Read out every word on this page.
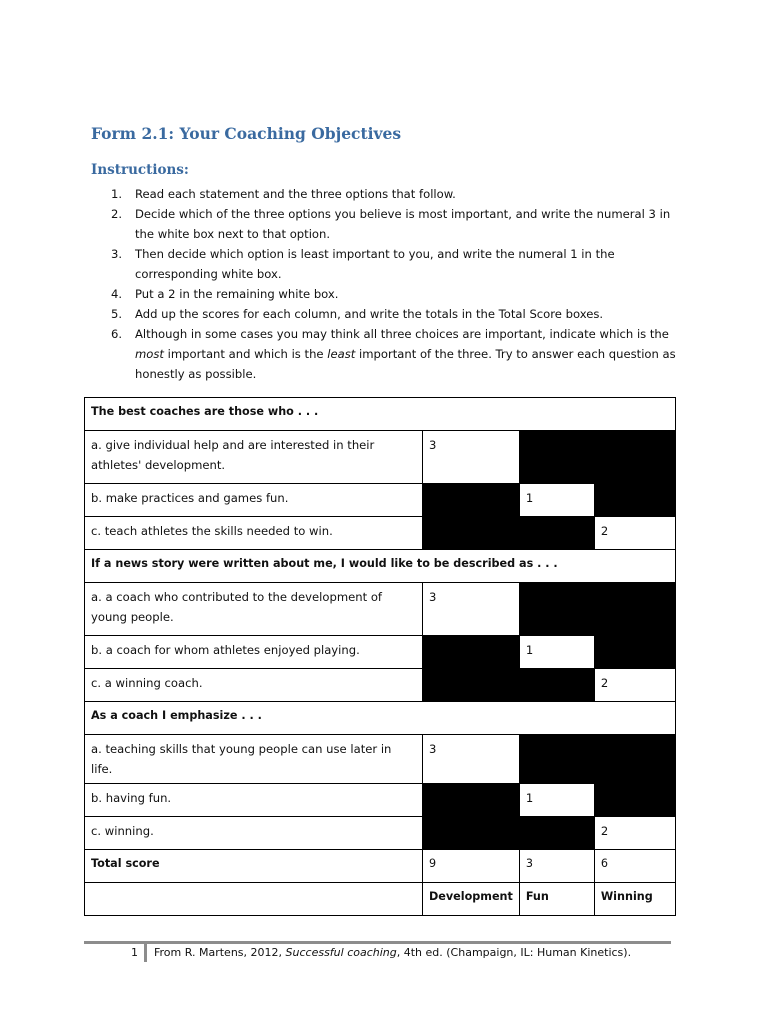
Form 2.1: Your Coaching Objectives
Instructions:
1. Read each statement and the three options that follow.
2. Decide which of the three options you believe is most important, and write the numeral 3 in the white box next to that option.
3. Then decide which option is least important to you, and write the numeral 1 in the corresponding white box.
4. Put a 2 in the remaining white box.
5. Add up the scores for each column, and write the totals in the Total Score boxes.
6. Although in some cases you may think all three choices are important, indicate which is the most important and which is the least important of the three. Try to answer each question as honestly as possible.
The best coaches are those who . . .			
a. give individual help and are interested in their athletes' development.	3		
b. make practices and games fun.		1	
c. teach athletes the skills needed to win.			2
If a news story were written about me, I would like to be described as . . .			
a. a coach who contributed to the development of young people.	3		
b. a coach for whom athletes enjoyed playing.		1	
c. a winning coach.			2
As a coach I emphasize . . .			
a. teaching skills that young people can use later in life.	3		
b. having fun.		1	
c. winning.			2
Total score	9	3	6
	Development	Fun	Winning
1	From R. Martens, 2012, Successful coaching, 4th ed. (Champaign, IL: Human Kinetics).
